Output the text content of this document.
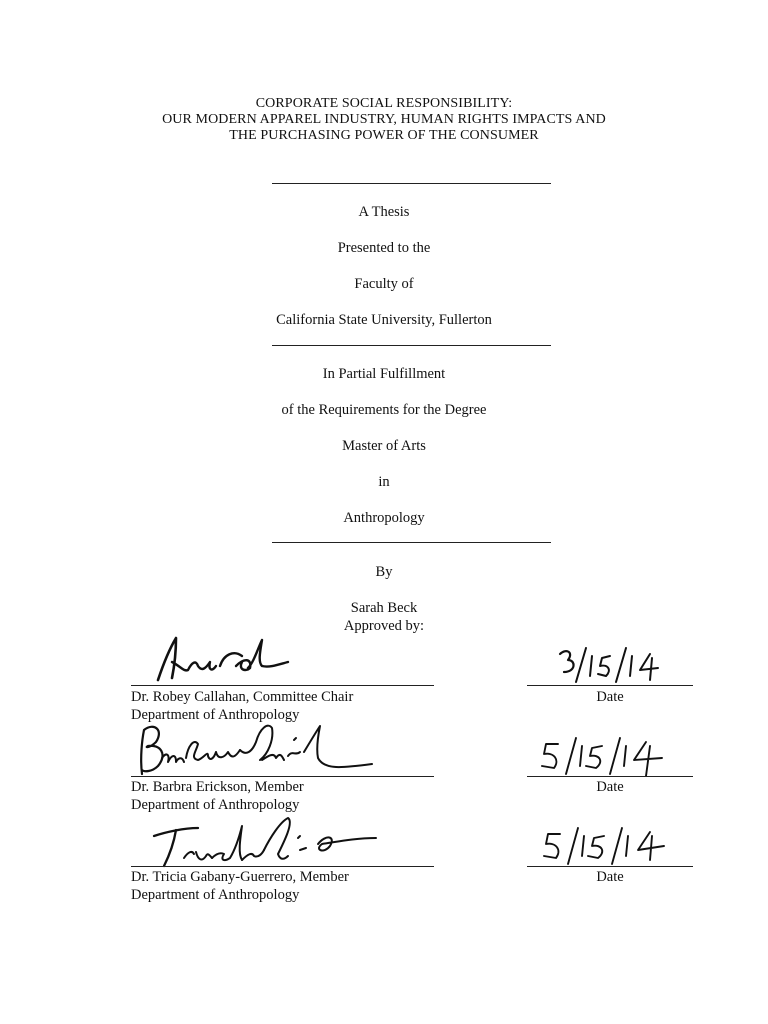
CORPORATE SOCIAL RESPONSIBILITY:
OUR MODERN APPAREL INDUSTRY, HUMAN RIGHTS IMPACTS AND
THE PURCHASING POWER OF THE CONSUMER
A Thesis
Presented to the
Faculty of
California State University, Fullerton
In Partial Fulfillment
of the Requirements for the Degree
Master of Arts
in
Anthropology
By
Sarah Beck
Approved by:
Dr. Robey Callahan, Committee Chair
Department of Anthropology
Date
Dr. Barbra Erickson, Member
Department of Anthropology
Date
Dr. Tricia Gabany-Guerrero, Member
Department of Anthropology
Date
